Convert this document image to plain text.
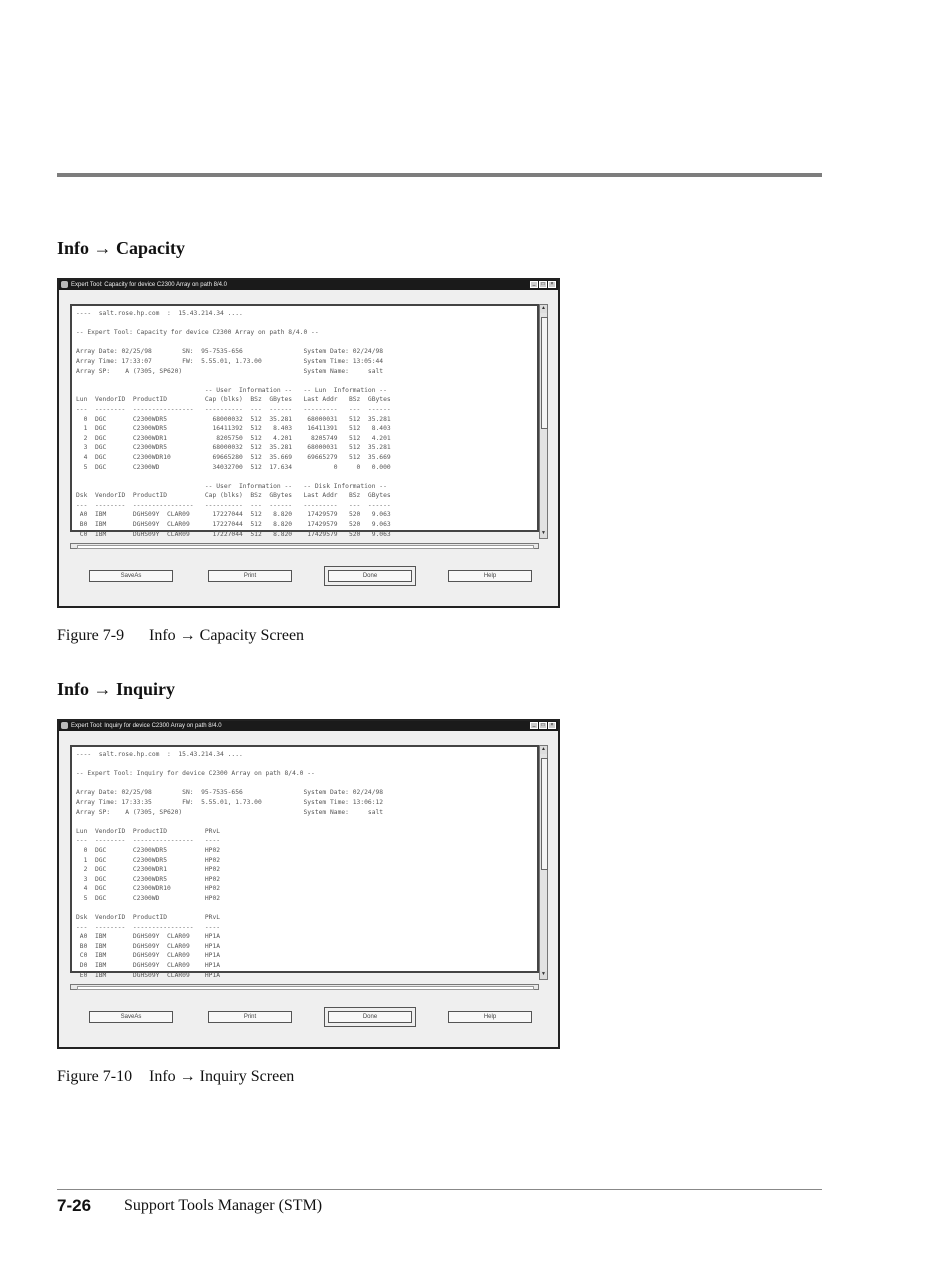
Info → Capacity
Expert Tool: Capacity for device C2300 Array on path 8/4.0	_	□	×
----  salt.rose.hp.com  :  15.43.214.34 ....

-- Expert Tool: Capacity for device C2300 Array on path 8/4.0 --

Array Date: 02/25/98        SN:  95-7535-656                System Date: 02/24/98
Array Time: 17:33:07        FW:  5.55.01, 1.73.00           System Time: 13:05:44
Array SP:    A (7305, SP620)                                System Name:     salt

-- User  Information --   -- Lun  Information --
Lun  VendorID  ProductID          Cap (blks)  BSz  GBytes   Last Addr   BSz  GBytes
---  --------  ----------------   ----------  ---  ------   ---------   ---  ------
0  DGC       C2300WDR5            68000032  512  35.281    68000031   512  35.281
1  DGC       C2300WDR5            16411392  512   8.403    16411391   512   8.403
2  DGC       C2300WDR1             8205750  512   4.201     8205749   512   4.201
3  DGC       C2300WDR5            68000032  512  35.281    68000031   512  35.281
4  DGC       C2300WDR10           69665280  512  35.669    69665279   512  35.669
5  DGC       C2300WD              34032700  512  17.634           0     0   0.000

-- User  Information --   -- Disk Information --
Dsk  VendorID  ProductID          Cap (blks)  BSz  GBytes   Last Addr   BSz  GBytes
---  --------  ----------------   ----------  ---  ------   ---------   ---  ------
A0  IBM       DGHS09Y  CLAR09      17227044  512   8.820    17429579   520   9.063
B0  IBM       DGHS09Y  CLAR09      17227044  512   8.820    17429579   520   9.063
C0  IBM       DGHS09Y  CLAR09      17227044  512   8.820    17429579   520   9.063
▲
▼
SaveAs	Print	Done	Help

Figure 7-9 Info → Capacity Screen

Info → Inquiry
Expert Tool: Inquiry for device C2300 Array on path 8/4.0	_	□	×
----  salt.rose.hp.com  :  15.43.214.34 ....

-- Expert Tool: Inquiry for device C2300 Array on path 8/4.0 --

Array Date: 02/25/98        SN:  95-7535-656                System Date: 02/24/98
Array Time: 17:33:35        FW:  5.55.01, 1.73.00           System Time: 13:06:12
Array SP:    A (7305, SP620)                                System Name:     salt

Lun  VendorID  ProductID          PRvL
---  --------  ----------------   ----
0  DGC       C2300WDR5          HP02
1  DGC       C2300WDR5          HP02
2  DGC       C2300WDR1          HP02
3  DGC       C2300WDR5          HP02
4  DGC       C2300WDR10         HP02
5  DGC       C2300WD            HP02

Dsk  VendorID  ProductID          PRvL
---  --------  ----------------   ----
A0  IBM       DGHS09Y  CLAR09    HP1A
B0  IBM       DGHS09Y  CLAR09    HP1A
C0  IBM       DGHS09Y  CLAR09    HP1A
D0  IBM       DGHS09Y  CLAR09    HP1A
E0  IBM       DGHS09Y  CLAR09    HP1A
▲
▼
SaveAs	Print	Done	Help

Figure 7-10 Info → Inquiry Screen

7-26 Support Tools Manager (STM)
